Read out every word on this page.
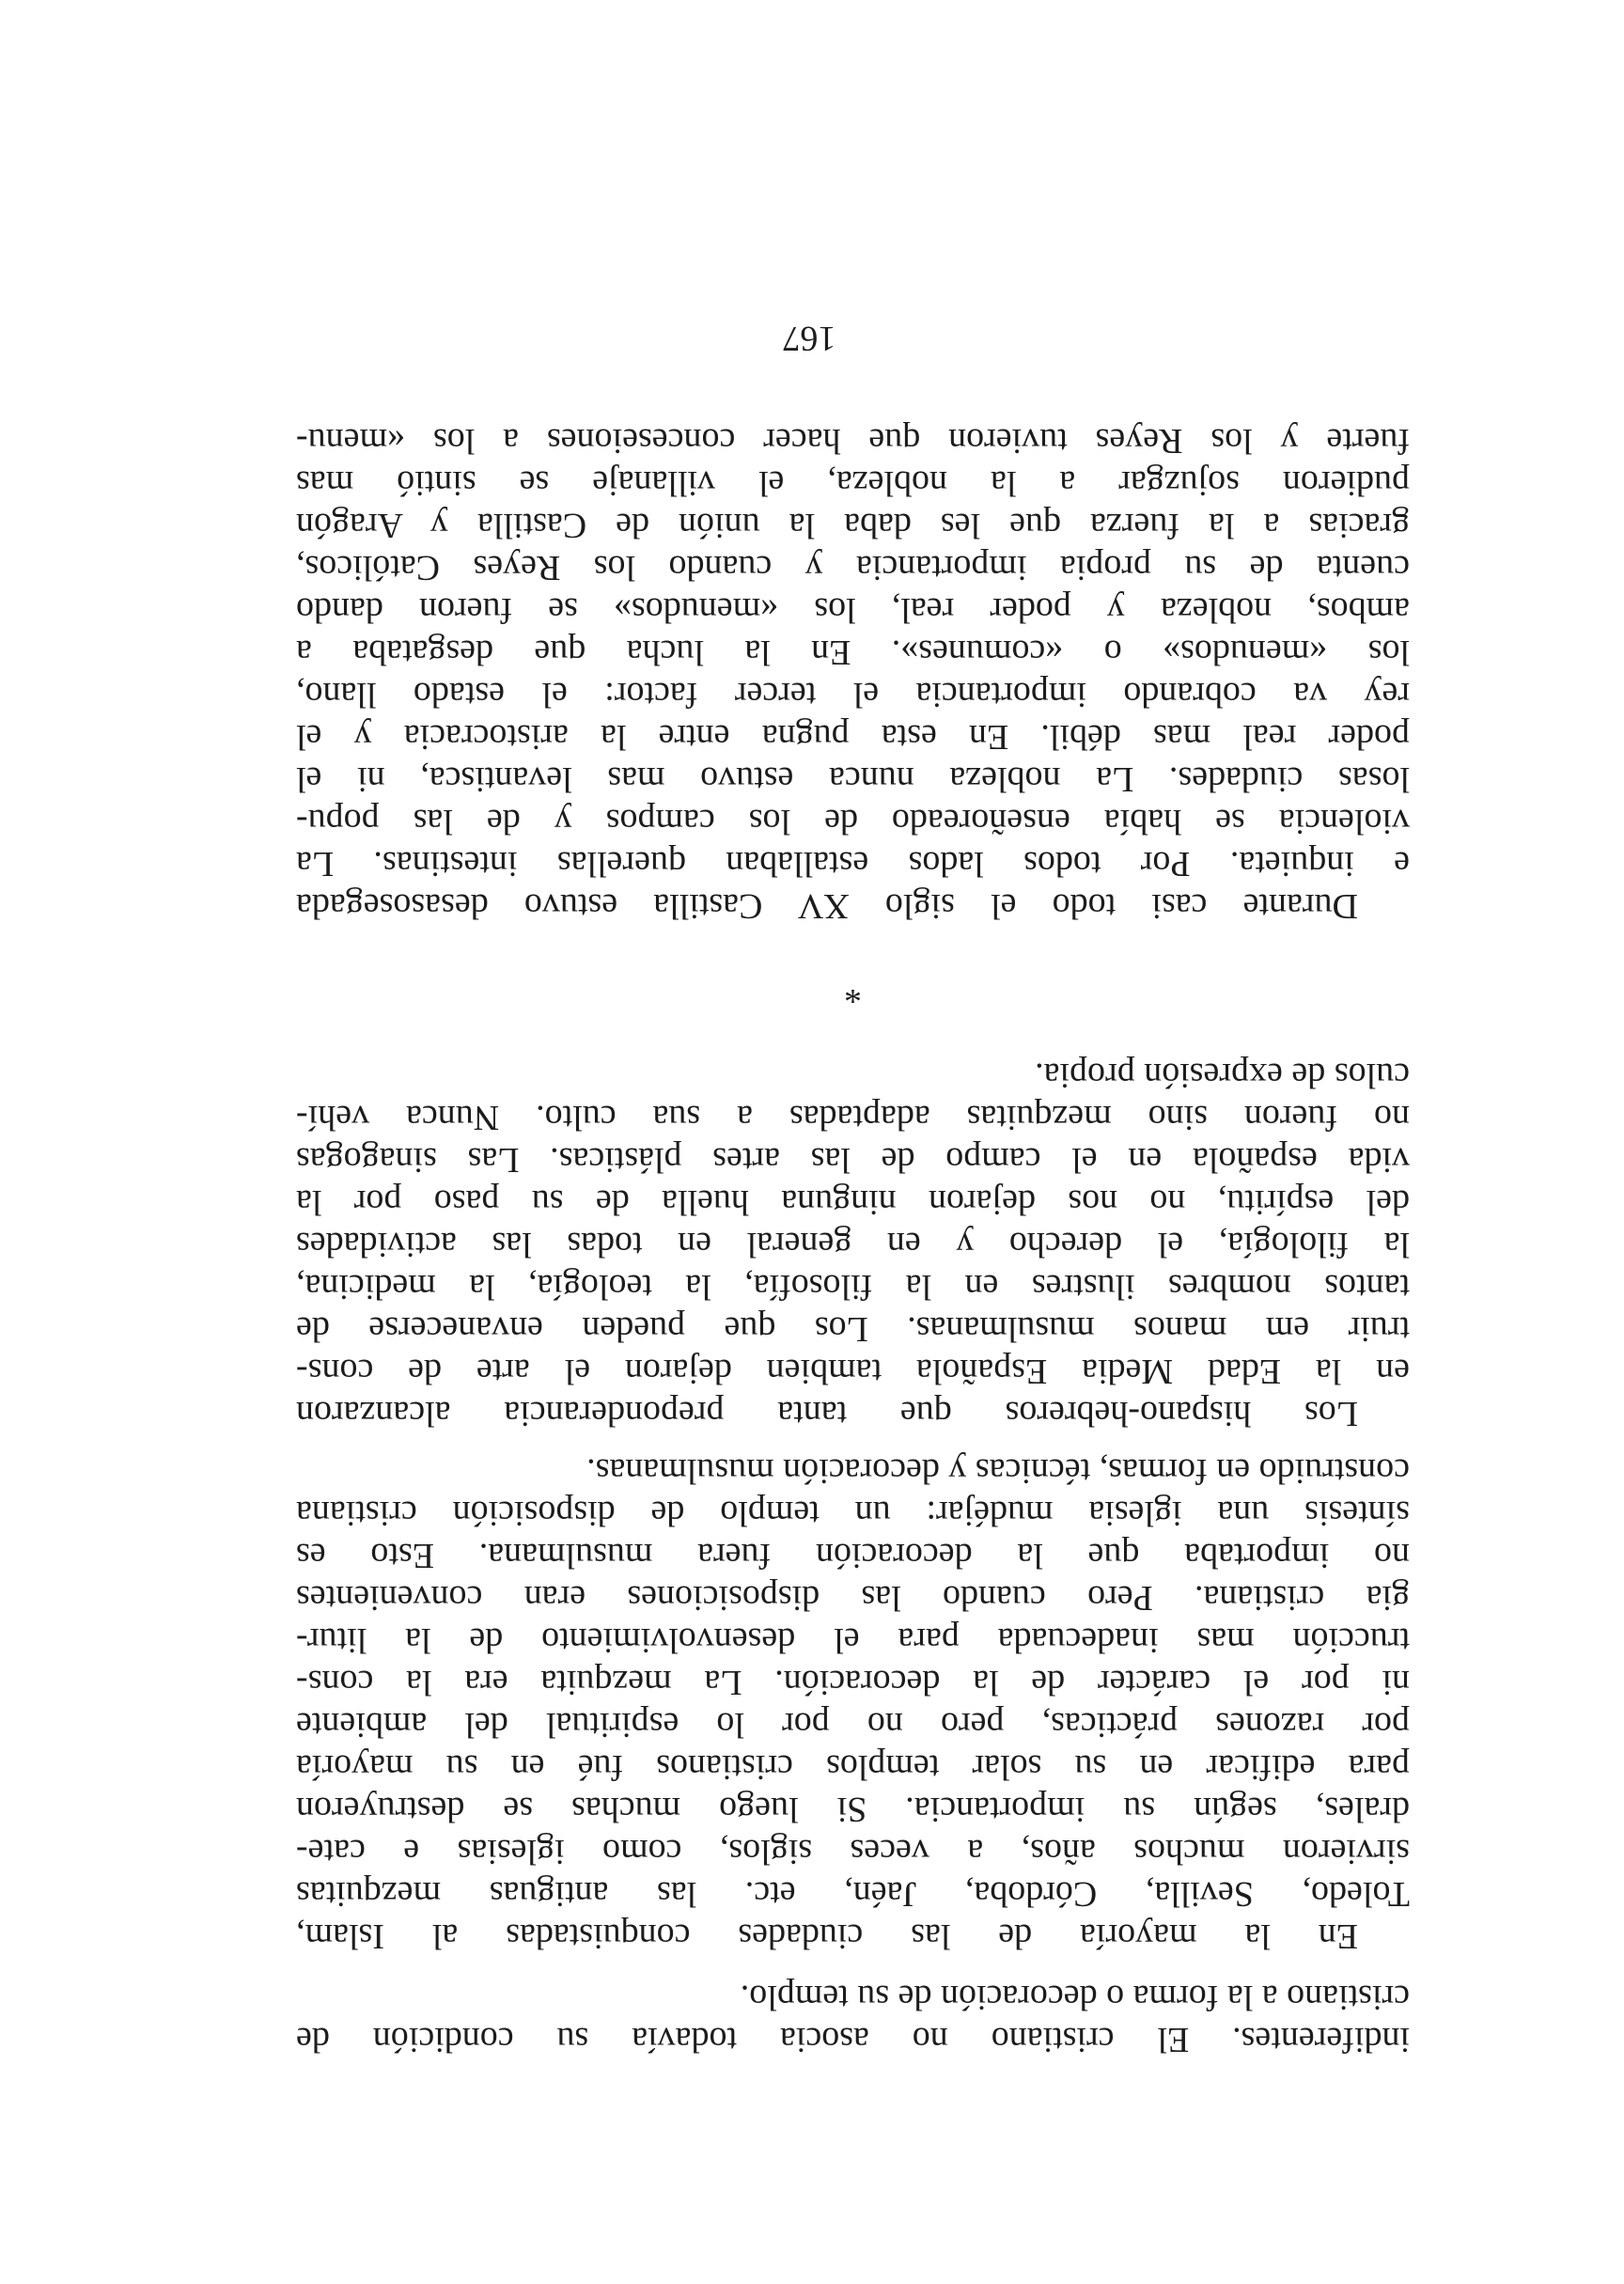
indiferentes. El cristiano no asocia todavía su condición de
cristiano a la forma o decoración de su templo.
En la mayoría de las ciudades conquistadas al Islam,
Toledo, Sevilla, Córdoba, Jaén, etc. las antiguas mezquitas
sirvieron muchos años, a veces siglos, como iglesias e cate-
drales, según su importancia. Si luego muchas se destruyeron
para edificar en su solar templos cristianos fué en su mayoría
por razones prácticas, pero no por lo espiritual del ambiente
ni por el carácter de la decoración. La mezquita era la cons-
trucción mas inadecuada para el desenvolvimiento de la litur-
gia cristiana. Pero cuando las disposiciones eran convenientes
no importaba que la decoración fuera musulmana. Esto es
síntesis una iglesia mudéjar: un templo de disposición cristiana
construido en formas, técnicas y decoración musulmanas.
Los hispano-hebreros que tanta preponderancia alcanzaron
en la Edad Media Española tambien dejaron el arte de cons-
truir em manos musulmanas. Los que pueden envanecerse de
tantos nombres ilustres en la filosofía, la teología, la medicina,
la filología, el derecho y en general en todas las actividades
del espíritu, no nos dejaron ninguna huella de su paso por la
vida española en el campo de las artes plásticas. Las sinagogas
no fueron sino mezquitas adaptadas a sua culto. Nunca vehí-
culos de expresión propia.
*
Durante casi todo el siglo XV Castilla estuvo desasosegada
e inquieta. Por todos lados estallaban querellas intestinas. La
violencia se había enseñoreado de los campos y de las popu-
losas ciudades. La nobleza nunca estuvo mas levantisca, ni el
poder real mas débil. En esta pugna entre la aristocracia y el
rey va cobrando importancia el tercer factor: el estado llano,
los «menudos» o «comunes». En la lucha que desgataba a
ambos, nobleza y poder real, los «menudos» se fueron dando
cuenta de su propia importancia y cuando los Reyes Católicos,
gracias a la fuerza que les daba la unión de Castilla y Aragón
pudieron sojuzgar a la nobleza, el villanaje se sintió mas
fuerte y los Reyes tuvieron que hacer conceseiones a los «menu-
167
